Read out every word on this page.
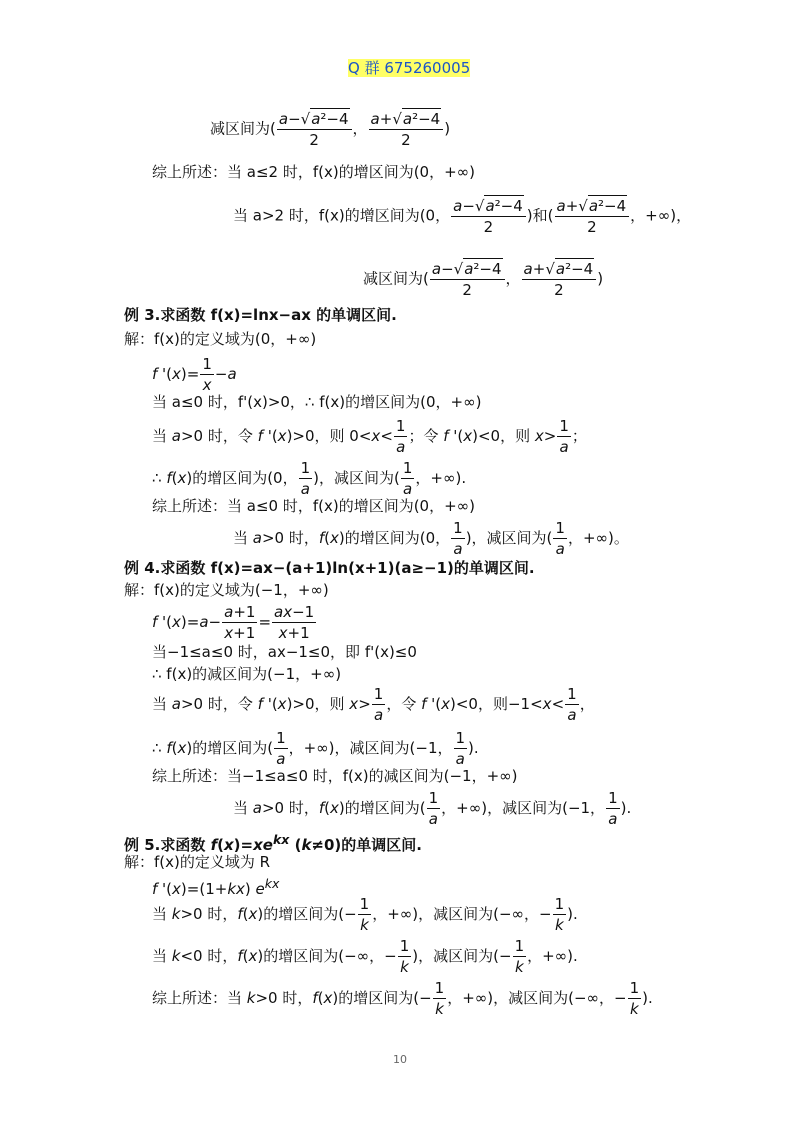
Q 群 675260005
减区间为( $\frac{\text{a−√a²−4}}{2}$ ， $\frac{\text{a+√a²−4}}{2}$ )
综上所述：当 a≤2 时，f(x)的增区间为(0，+∞)
当 a>2 时，f(x)的增区间为(0， $\frac{\text{a−√a²−4}}{2}$ )和( $\frac{\text{a+√a²−4}}{2}$ ，+∞)，
减区间为( $\frac{\text{a−√a²−4}}{2}$ ， $\frac{\text{a+√a²−4}}{2}$ )
例 3.求函数 f(x)=lnx−ax 的单调区间.
解：f(x)的定义域为(0，+∞)
f '$(x)= \frac{1}{x} -a$
当 a≤0 时，f'(x)>0，∴ f(x)的增区间为(0，+∞)
当 a>0 时，令 f '(x)>0，则 $0<x< \frac{1}{a}$ ；令 f '(x)<0，则 $x> \frac{1}{a}$ ；
∴ f(x)的增区间为(0， $\frac{1}{a}$ )，减区间为( $\frac{1}{a}$ ，+∞).
综上所述：当 a≤0 时，f(x)的增区间为(0，+∞)
当 a>0 时，f(x)的增区间为(0， $\frac{1}{a}$ )，减区间为( $\frac{1}{a}$ ，+∞)。
例 4.求函数 f(x)=ax−(a+1)ln(x+1)(a≥−1)的单调区间.
解：f(x)的定义域为(−1，+∞)
f '$(x)=a- \frac{a+1}{x+1} = \frac{ax-1}{x+1}$
当−1≤a≤0 时，ax−1≤0，即 f'(x)≤0
∴ f(x)的减区间为(−1，+∞)
当 a>0 时，令 f '(x)>0，则 $x> \frac{1}{a}$ ，令 f '(x)<0，则$-1<x< \frac{1}{a}$ ，
∴ f(x)的增区间为( $\frac{1}{a}$ ，+∞)，减区间为(−1， $\frac{1}{a}$ ).
综上所述：当−1≤a≤0 时，f(x)的减区间为(−1，+∞)
当 a>0 时，f(x)的增区间为( $\frac{1}{a}$ ，+∞)，减区间为(−1， $\frac{1}{a}$ ).
例 5.求函数 $f(x)=xe^{kx}$ (k≠0)的单调区间.
解：f(x)的定义域为 R
f '(x)=(1+kx) $e^{kx}$
当 k>0 时，f(x)的增区间为(− $\frac{1}{k}$ ，+∞)，减区间为(−∞，− $\frac{1}{k}$ ).
当 k<0 时，f(x)的增区间为(−∞，− $\frac{1}{k}$ )，减区间为(− $\frac{1}{k}$ ，+∞).
综上所述：当 k>0 时，f(x)的增区间为(− $\frac{1}{k}$ ，+∞)，减区间为(−∞，− $\frac{1}{k}$ ).
10
